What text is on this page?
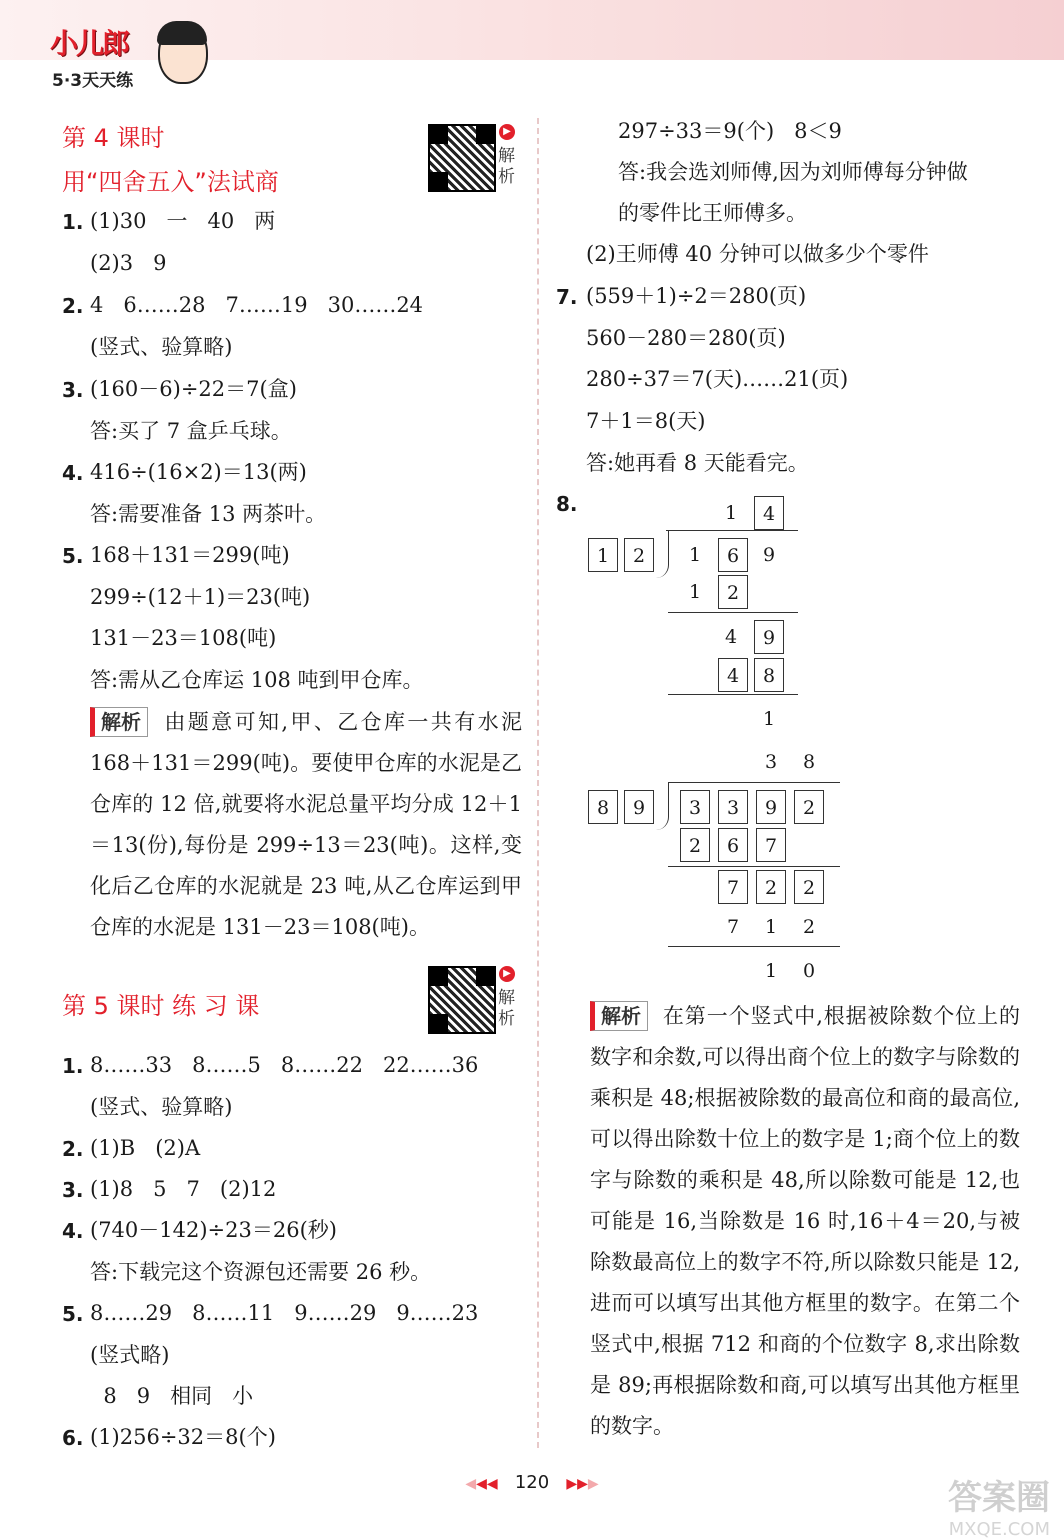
小儿郎
5·3天天练
第 4 课时
用“四舍五入”法试商
▶
解析
1. (1)30   一   40   两
(2)3   9
2. 4   6……28   7……19   30……24
(竖式、验算略)
3. (160－6)÷22＝7(盒)
答:买了 7 盒乒乓球。
4. 416÷(16×2)＝13(两)
答:需要准备 13 两茶叶。
5. 168＋131＝299(吨)
299÷(12＋1)＝23(吨)
131－23＝108(吨)
答:需从乙仓库运 108 吨到甲仓库。
解析 由题意可知,甲、乙仓库一共有水泥 168＋131＝299(吨)。要使甲仓库的水泥是乙仓库的 12 倍,就要将水泥总量平均分成 12＋1＝13(份),每份是 299÷13＝23(吨)。这样,变化后乙仓库的水泥就是 23 吨,从乙仓库运到甲仓库的水泥是 131－23＝108(吨)。
第 5 课时 练 习 课
▶
解析
1. 8……33   8……5   8……22   22……36
(竖式、验算略)
2. (1)B   (2)A
3. (1)8   5   7   (2)12
4. (740－142)÷23＝26(秒)
答:下载完这个资源包还需要 26 秒。
5. 8……29   8……11   9……29   9……23
(竖式略)
8   9   相同   小
6. (1)256÷32＝8(个)
297÷33＝9(个)   8＜9
答:我会选刘师傅,因为刘师傅每分钟做
的零件比王师傅多。
(2)王师傅 40 分钟可以做多少个零件
7. (559＋1)÷2＝280(页)
560－280＝280(页)
280÷37＝7(天)……21(页)
7＋1＝8(天)
答:她再看 8 天能看完。
8.	1	4
1	2	1	6	9
1	2
4	9
4	8
1
3	8
8	9	3	3	9	2
2	6	7
7	2	2
7	1	2
1	0
解析 在第一个竖式中,根据被除数个位上的数字和余数,可以得出商个位上的数字与除数的乘积是 48;根据被除数的最高位和商的最高位,可以得出除数十位上的数字是 1;商个位上的数字与除数的乘积是 48,所以除数可能是 12,也可能是 16,当除数是 16 时,16＋4＝20,与被除数最高位上的数字不符,所以除数只能是 12,进而可以填写出其他方框里的数字。在第二个竖式中,根据 712 和商的个位数字 8,求出除数是 89;再根据除数和商,可以填写出其他方框里的数字。
◀◀◀ 120 ▶▶▶	答案圈
MXQE.COM
